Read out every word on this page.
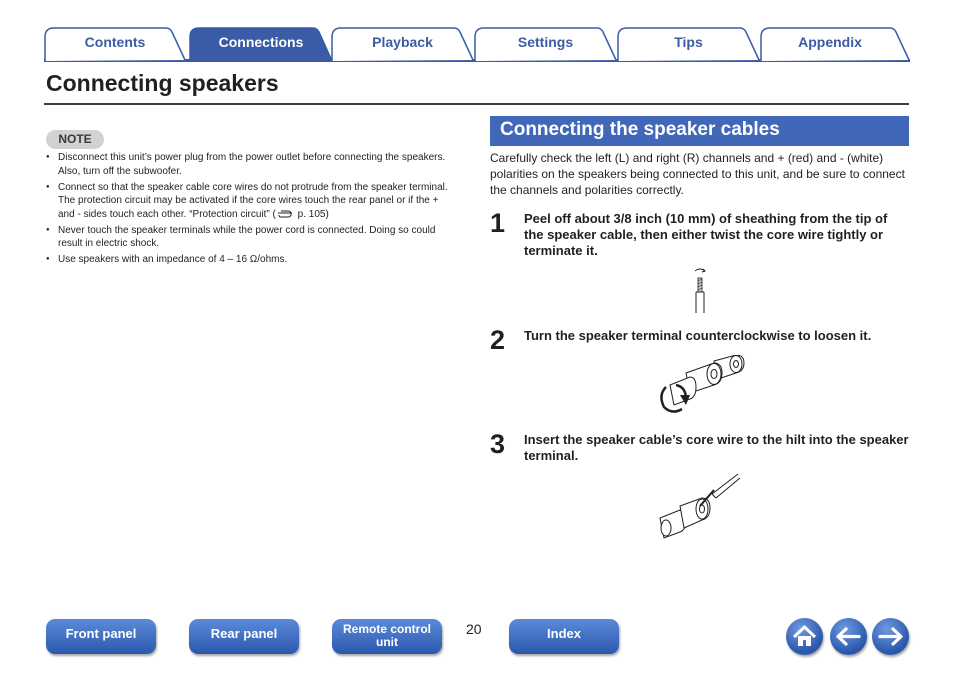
Contents	Connections	Playback	Settings	Tips	Appendix
Connecting speakers
NOTE
● Disconnect this unit’s power plug from the power outlet before connecting the speakers. Also, turn off the subwoofer.
● Connect so that the speaker cable core wires do not protrude from the speaker terminal. The protection circuit may be activated if the core wires touch the rear panel or if the + and - sides touch each other. “Protection circuit” ( p. 105)
● Never touch the speaker terminals while the power cord is connected. Doing so could result in electric shock.
● Use speakers with an impedance of 4 – 16 Ω/ohms.
Connecting the speaker cables

Carefully check the left (L) and right (R) channels and + (red) and - (white) polarities on the speakers being connected to this unit, and be sure to connect the channels and polarities correctly.

1 Peel off about 3/8 inch (10 mm) of sheathing from the tip of the speaker cable, then either twist the core wire tightly or terminate it.

2 Turn the speaker terminal counterclockwise to loosen it.

3 Insert the speaker cable’s core wire to the hilt into the speaker terminal.

Front panel	Rear panel	Remote control unit
20	Index
